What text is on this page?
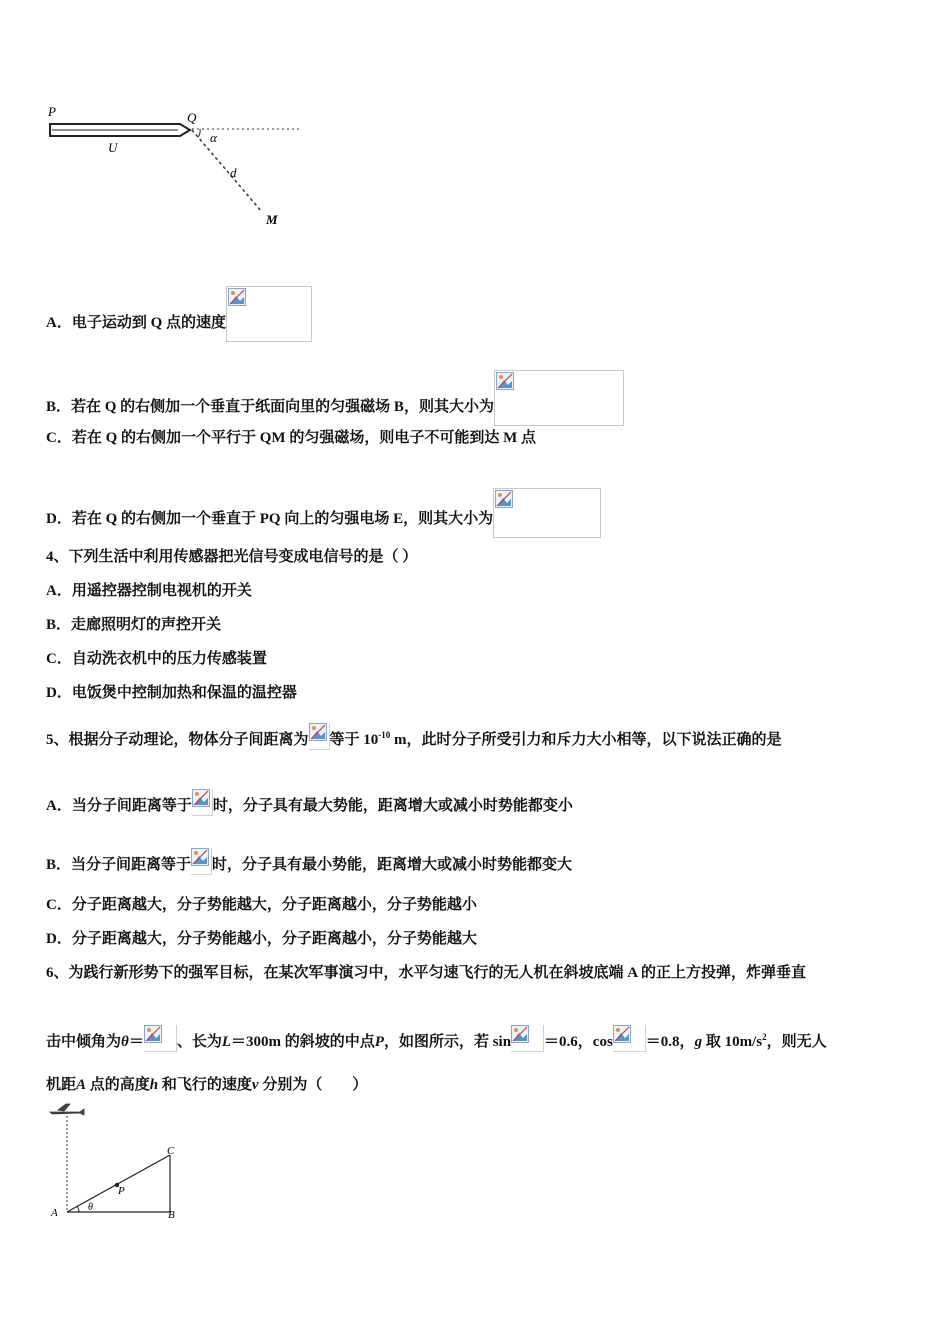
P	Q
U
α
d
M
A．电子运动到 Q 点的速度
B．若在 Q 的右侧加一个垂直于纸面向里的匀强磁场 B，则其大小为
C．若在 Q 的右侧加一个平行于 QM 的匀强磁场，则电子不可能到达 M 点
D．若在 Q 的右侧加一个垂直于 PQ 向上的匀强电场 E，则其大小为
4、下列生活中利用传感器把光信号变成电信号的是（ ）
A．用遥控器控制电视机的开关
B．走廊照明灯的声控开关
C．自动洗衣机中的压力传感装置
D．电饭煲中控制加热和保温的温控器
5、根据分子动理论，物体分子间距离为 等于 $10^{-10}$ m，此时分子所受引力和斥力大小相等，以下说法正确的是
A．当分子间距离等于 时，分子具有最大势能，距离增大或减小时势能都变小
B．当分子间距离等于 时，分子具有最小势能，距离增大或减小时势能都变大
C．分子距离越大，分子势能越大，分子距离越小，分子势能越小
D．分子距离越大，分子势能越小，分子距离越小，分子势能越大
6、为践行新形势下的强军目标，在某次军事演习中，水平匀速飞行的无人机在斜坡底端 A 的正上方投弹，炸弹垂直
击中倾角为θ＝ 、长为L＝300m 的斜坡的中点P，如图所示，若 sin ＝0.6，cos ＝0.8，g 取 $10m/s^2$，则无人
机距A 点的高度h 和飞行的速度v 分别为（　　）
A	B
C
P
θ
